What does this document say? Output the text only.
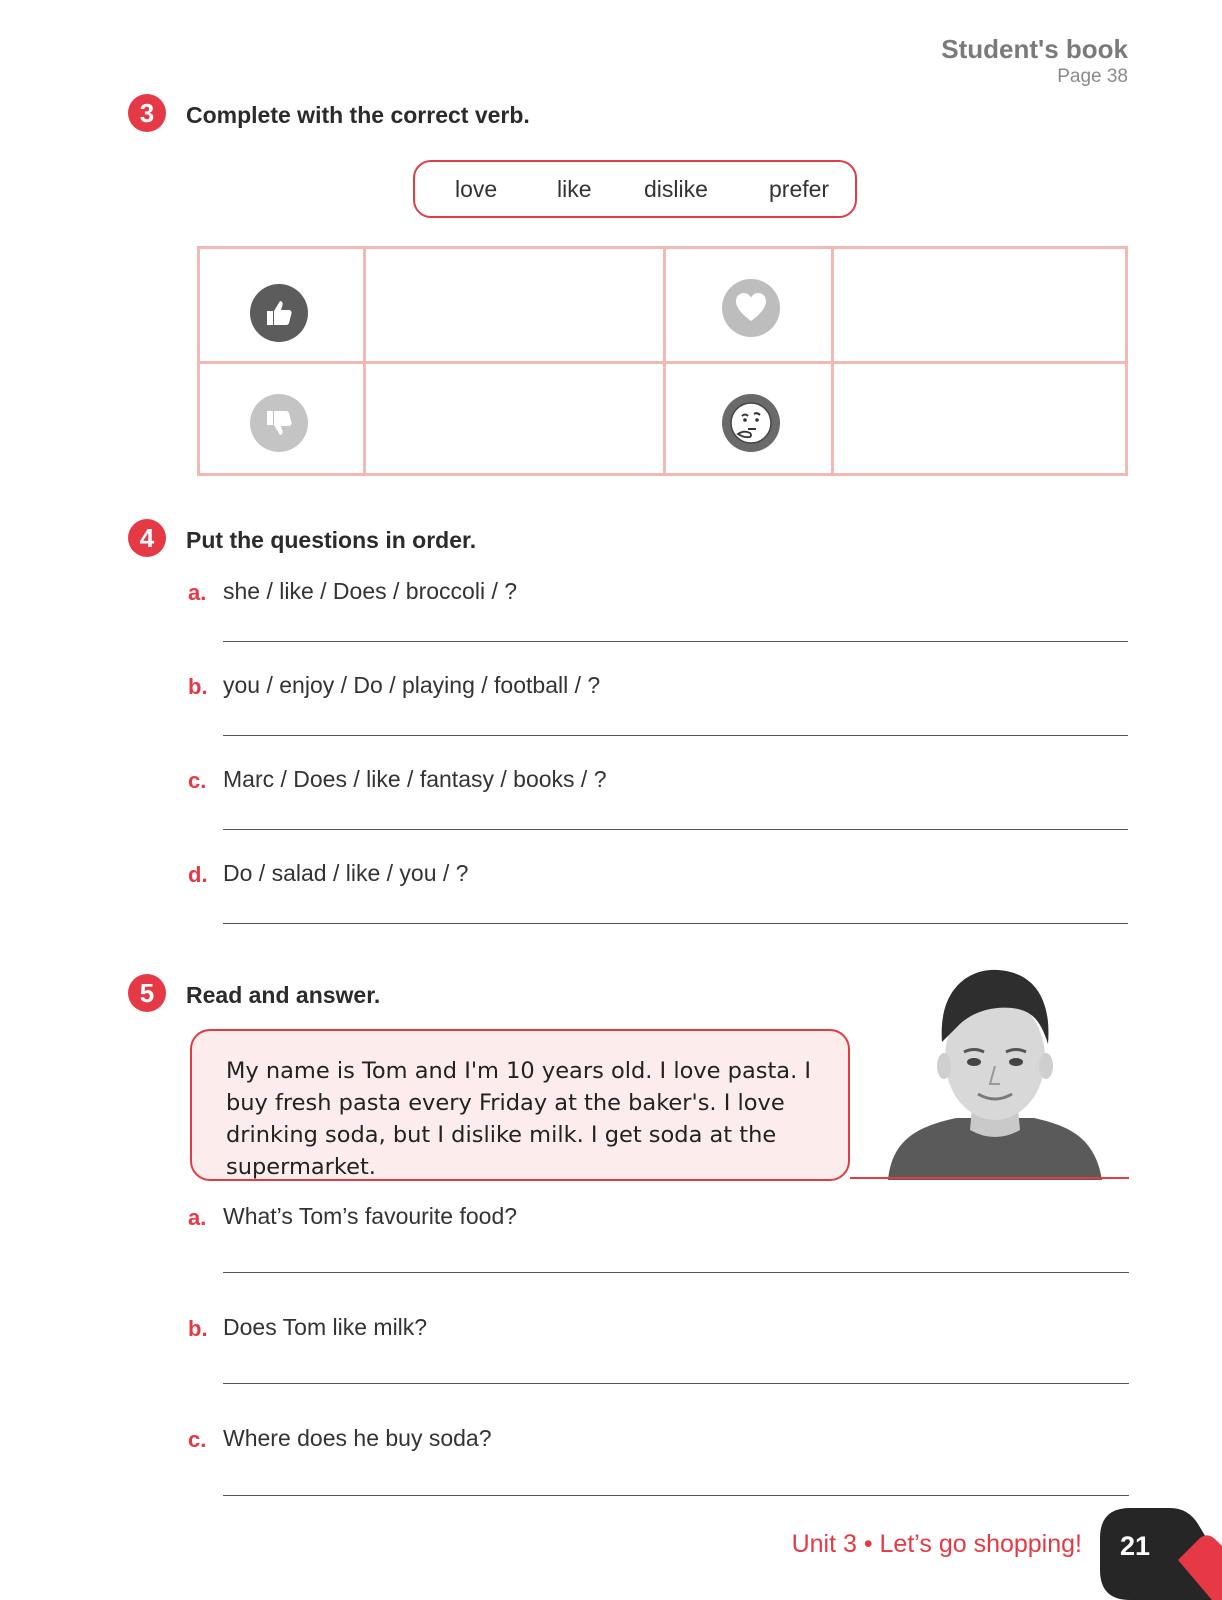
Student's book
Page 38
3	Complete with the correct verb.
love	like dislike	prefer
4	Put the questions in order.
a. she / like / Does / broccoli / ?
b. you / enjoy / Do / playing / football / ?
c. Marc / Does / like / fantasy / books / ?
d. Do / salad / like / you / ?
5	Read and answer.

My name is Tom and I'm 10 years old. I love pasta. I buy fresh pasta every Friday at the baker's. I love drinking soda, but I dislike milk. I get soda at the supermarket.

a. What’s Tom’s favourite food?
b. Does Tom like milk?
c. Where does he buy soda?
Unit 3 • Let’s go shopping!	21
